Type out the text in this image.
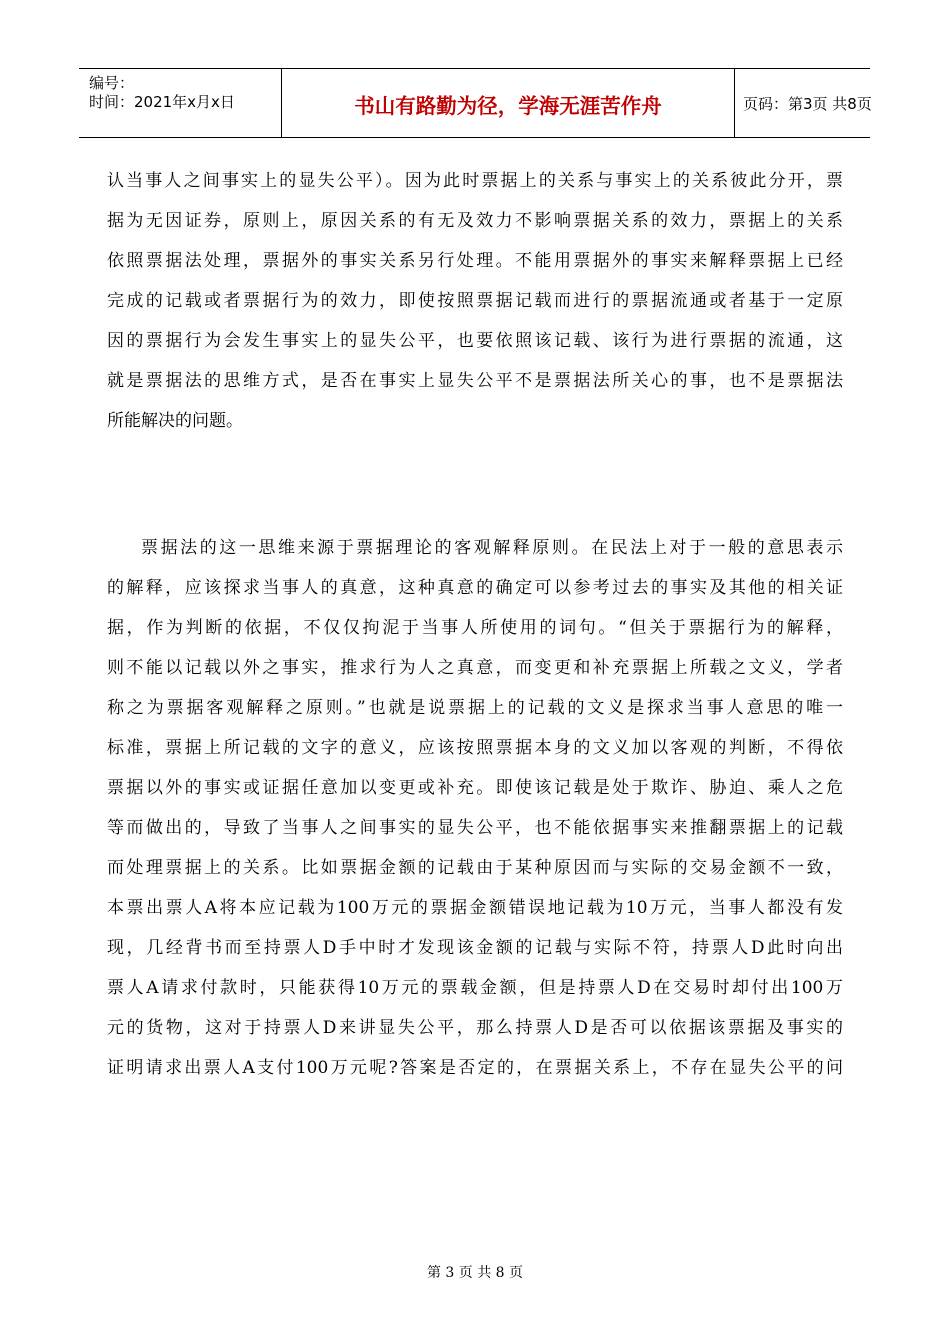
编号：
时间：2021年x月x日	书山有路勤为径，学海无涯苦作舟	页码：第3页 共8页
认当事人之间事实上的显失公平）。因为此时票据上的关系与事实上的关系彼此分开，票
据为无因证券，原则上，原因关系的有无及效力不影响票据关系的效力，票据上的关系
依照票据法处理，票据外的事实关系另行处理。不能用票据外的事实来解释票据上已经
完成的记载或者票据行为的效力，即使按照票据记载而进行的票据流通或者基于一定原
因的票据行为会发生事实上的显失公平，也要依照该记载、该行为进行票据的流通，这
就是票据法的思维方式，是否在事实上显失公平不是票据法所关心的事，也不是票据法
所能解决的问题。
票据法的这一思维来源于票据理论的客观解释原则。在民法上对于一般的意思表示
的解释，应该探求当事人的真意，这种真意的确定可以参考过去的事实及其他的相关证
据，作为判断的依据，不仅仅拘泥于当事人所使用的词句。“但关于票据行为的解释，
则不能以记载以外之事实，推求行为人之真意，而变更和补充票据上所载之文义，学者
称之为票据客观解释之原则。”也就是说票据上的记载的文义是探求当事人意思的唯一
标准，票据上所记载的文字的意义，应该按照票据本身的文义加以客观的判断，不得依
票据以外的事实或证据任意加以变更或补充。即使该记载是处于欺诈、胁迫、乘人之危
等而做出的，导致了当事人之间事实的显失公平，也不能依据事实来推翻票据上的记载
而处理票据上的关系。比如票据金额的记载由于某种原因而与实际的交易金额不一致，
本票出票人A将本应记载为100万元的票据金额错误地记载为10万元，当事人都没有发
现，几经背书而至持票人D手中时才发现该金额的记载与实际不符，持票人D此时向出
票人A请求付款时，只能获得10万元的票载金额，但是持票人D在交易时却付出100万
元的货物，这对于持票人D来讲显失公平，那么持票人D是否可以依据该票据及事实的
证明请求出票人A支付100万元呢?答案是否定的，在票据关系上，不存在显失公平的问
第 3 页 共 8 页
